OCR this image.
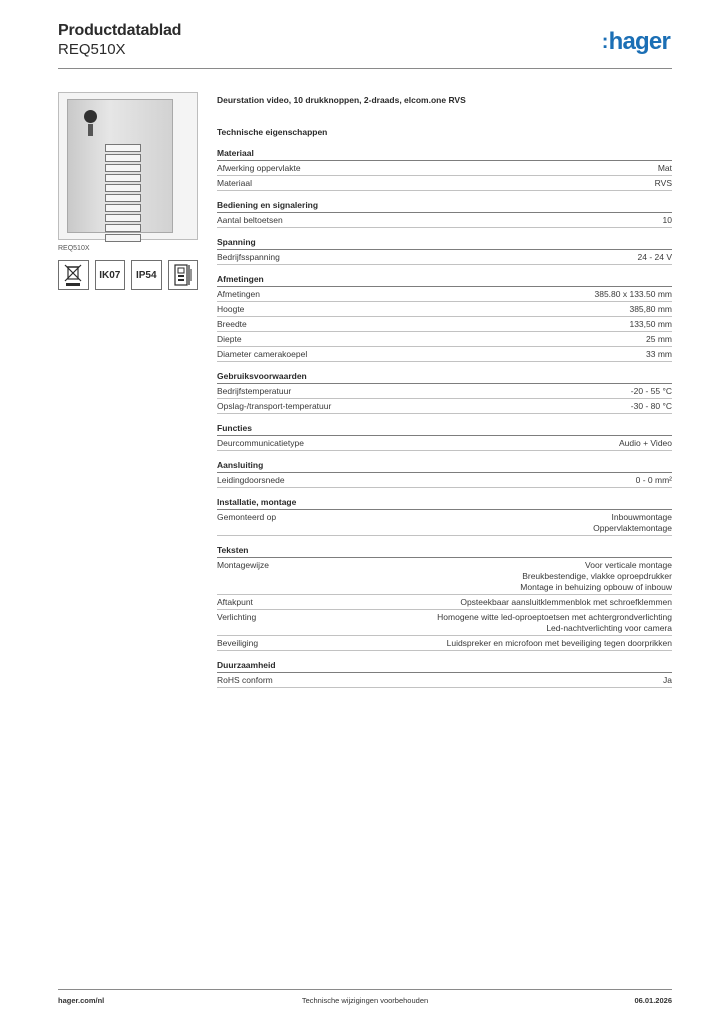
Productdatablad
REQ510X	:hager
REQ510X
IK07	IP54
Deurstation video, 10 drukknoppen, 2-draads, elcom.one RVS
Technische eigenschappen
Materiaal
Afwerking oppervlakte	Mat
Materiaal	RVS
Bediening en signalering
Aantal beltoetsen	10
Spanning
Bedrijfsspanning	24 - 24 V
Afmetingen
Afmetingen	385.80 x 133.50 mm
Hoogte	385,80 mm
Breedte	133,50 mm
Diepte	25 mm
Diameter camerakoepel	33 mm
Gebruiksvoorwaarden
Bedrijfstemperatuur	-20 - 55 °C
Opslag-/transport-temperatuur	-30 - 80 °C
Functies
Deurcommunicatietype	Audio + Video
Aansluiting
Leidingdoorsnede	0 - 0 mm²
Installatie, montage
Gemonteerd op	Inbouwmontage
Oppervlaktemontage
Teksten
Montagewijze	Voor verticale montage
Breukbestendige, vlakke oproepdrukker
Montage in behuizing opbouw of inbouw
Aftakpunt	Opsteekbaar aansluitklemmenblok met schroefklemmen
Verlichting	Homogene witte led-oproeptoetsen met achtergrondverlichting
Led-nachtverlichting voor camera
Beveiliging	Luidspreker en microfoon met beveiliging tegen doorprikken
Duurzaamheid
RoHS conform	Ja
hager.com/nl	Technische wijzigingen voorbehouden	06.01.2026
